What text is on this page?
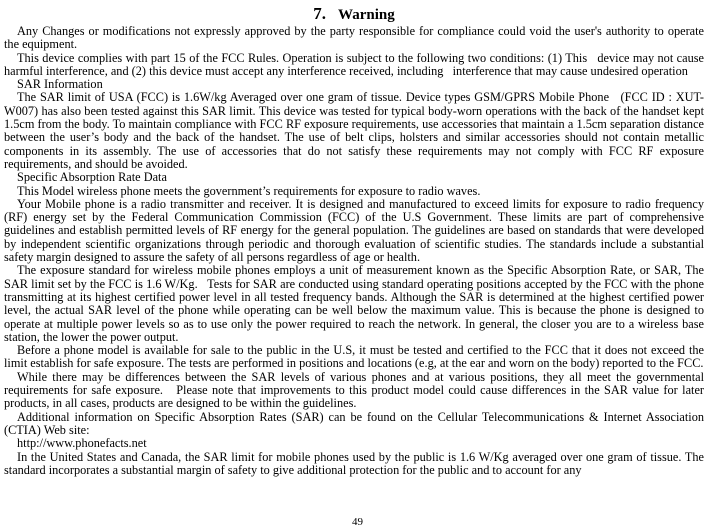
7. Warning

Any Changes or modifications not expressly approved by the party responsible for compliance could void the user's authority to operate the equipment.

This device complies with part 15 of the FCC Rules. Operation is subject to the following two conditions: (1) This   device may not cause harmful interference, and (2) this device must accept any interference received, including   interference that may cause undesired operation

SAR Information

The SAR limit of USA (FCC) is 1.6W/kg Averaged over one gram of tissue. Device types GSM/GPRS Mobile Phone   (FCC ID : XUT-W007) has also been tested against this SAR limit. This device was tested for typical body-worn operations with the back of the handset kept 1.5cm from the body. To maintain compliance with FCC RF exposure requirements, use accessories that maintain a 1.5cm separation distance between the user’s body and the back of the handset. The use of belt clips, holsters and similar accessories should not contain metallic components in its assembly. The use of accessories that do not satisfy these requirements may not comply with FCC RF exposure requirements, and should be avoided.

Specific Absorption Rate Data

This Model wireless phone meets the government’s requirements for exposure to radio waves.

Your Mobile phone is a radio transmitter and receiver. It is designed and manufactured to exceed limits for exposure to radio frequency (RF) energy set by the Federal Communication Commission (FCC) of the U.S Government. These limits are part of comprehensive guidelines and establish permitted levels of RF energy for the general population. The guidelines are based on standards that were developed by independent scientific organizations through periodic and thorough evaluation of scientific studies. The standards include a substantial safety margin designed to assure the safety of all persons regardless of age or health.

The exposure standard for wireless mobile phones employs a unit of measurement known as the Specific Absorption Rate, or SAR, The SAR limit set by the FCC is 1.6 W/Kg.   Tests for SAR are conducted using standard operating positions accepted by the FCC with the phone transmitting at its highest certified power level in all tested frequency bands. Although the SAR is determined at the highest certified power level, the actual SAR level of the phone while operating can be well below the maximum value. This is because the phone is designed to operate at multiple power levels so as to use only the power required to reach the network. In general, the closer you are to a wireless base station, the lower the power output.

Before a phone model is available for sale to the public in the U.S, it must be tested and certified to the FCC that it does not exceed the limit establish for safe exposure. The tests are performed in positions and locations (e.g, at the ear and worn on the body) reported to the FCC.

While there may be differences between the SAR levels of various phones and at various positions, they all meet the governmental requirements for safe exposure.   Please note that improvements to this product model could cause differences in the SAR value for later products, in all cases, products are designed to be within the guidelines.

Additional information on Specific Absorption Rates (SAR) can be found on the Cellular Telecommunications & Internet Association (CTIA) Web site:

http://www.phonefacts.net

In the United States and Canada, the SAR limit for mobile phones used by the public is 1.6 W/Kg averaged over one gram of tissue. The standard incorporates a substantial margin of safety to give additional protection for the public and to account for any

49
